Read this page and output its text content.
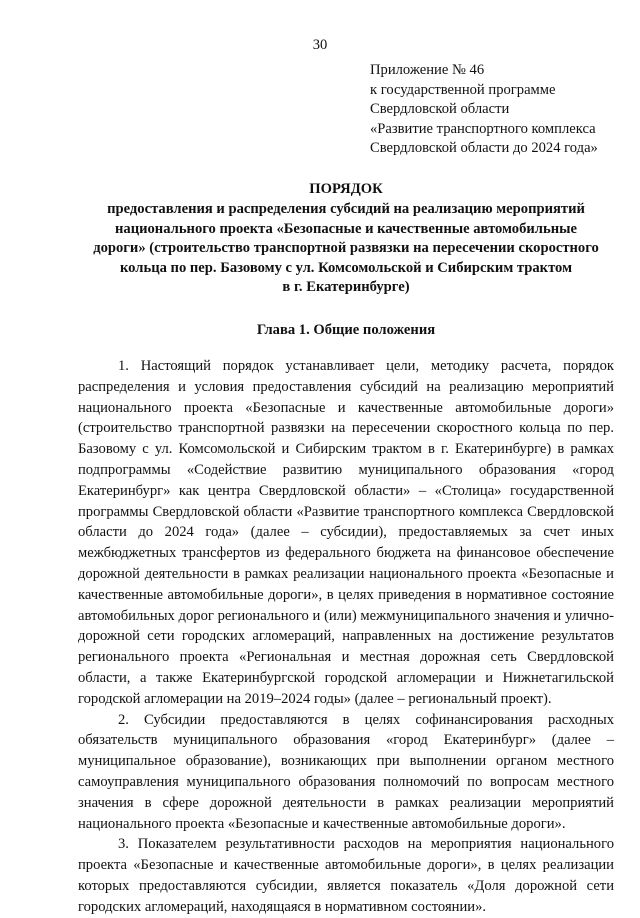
30
Приложение № 46
к государственной программе
Свердловской области
«Развитие транспортного комплекса
Свердловской области до 2024 года»
ПОРЯДОК
предоставления и распределения субсидий на реализацию мероприятий
национального проекта «Безопасные и качественные автомобильные
дороги» (строительство транспортной развязки на пересечении скоростного
кольца по пер. Базовому с ул. Комсомольской и Сибирским трактом
в г. Екатеринбурге)
Глава 1. Общие положения

1. Настоящий порядок устанавливает цели, методику расчета, порядок распределения и условия предоставления субсидий на реализацию мероприятий национального проекта «Безопасные и качественные автомобильные дороги» (строительство транспортной развязки на пересечении скоростного кольца по пер. Базовому с ул. Комсомольской и Сибирским трактом в г. Екатеринбурге) в рамках подпрограммы «Содействие развитию муниципального образования «город Екатеринбург» как центра Свердловской области» – «Столица» государственной программы Свердловской области «Развитие транспортного комплекса Свердловской области до 2024 года» (далее – субсидии), предоставляемых за счет иных межбюджетных трансфертов из федерального бюджета на финансовое обеспечение дорожной деятельности в рамках реализации национального проекта «Безопасные и качественные автомобильные дороги», в целях приведения в нормативное состояние автомобильных дорог регионального и (или) межмуниципального значения и улично-дорожной сети городских агломераций, направленных на достижение результатов регионального проекта «Региональная и местная дорожная сеть Свердловской области, а также Екатеринбургской городской агломерации и Нижнетагильской городской агломерации на 2019–2024 годы» (далее – региональный проект).

2. Субсидии предоставляются в целях софинансирования расходных обязательств муниципального образования «город Екатеринбург» (далее – муниципальное образование), возникающих при выполнении органом местного самоуправления муниципального образования полномочий по вопросам местного значения в сфере дорожной деятельности в рамках реализации мероприятий национального проекта «Безопасные и качественные автомобильные дороги».

3. Показателем результативности расходов на мероприятия национального проекта «Безопасные и качественные автомобильные дороги», в целях реализации которых предоставляются субсидии, является показатель «Доля дорожной сети городских агломераций, находящаяся в нормативном состоянии».
